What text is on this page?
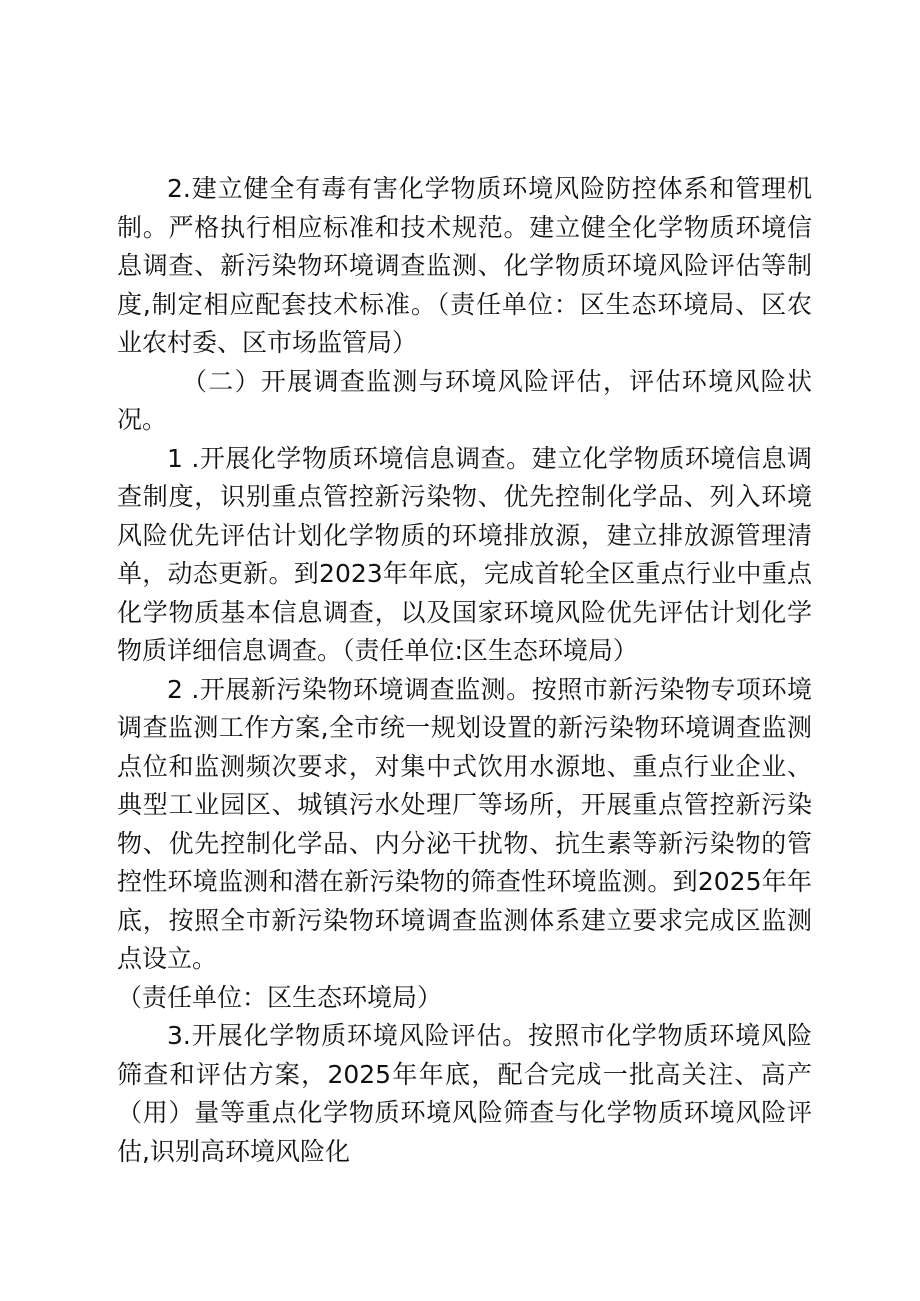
2.建立健全有毒有害化学物质环境风险防控体系和管理机制。严格执行相应标准和技术规范。建立健全化学物质环境信息调查、新污染物环境调查监测、化学物质环境风险评估等制度,制定相应配套技术标准。（责任单位：区生态环境局、区农业农村委、区市场监管局）

（二）开展调查监测与环境风险评估，评估环境风险状况。

1 .开展化学物质环境信息调查。建立化学物质环境信息调查制度，识别重点管控新污染物、优先控制化学品、列入环境风险优先评估计划化学物质的环境排放源，建立排放源管理清单，动态更新。到2023年年底，完成首轮全区重点行业中重点化学物质基本信息调查，以及国家环境风险优先评估计划化学物质详细信息调查。（责任单位:区生态环境局）

2 .开展新污染物环境调查监测。按照市新污染物专项环境调查监测工作方案,全市统一规划设置的新污染物环境调查监测点位和监测频次要求，对集中式饮用水源地、重点行业企业、典型工业园区、城镇污水处理厂等场所，开展重点管控新污染物、优先控制化学品、内分泌干扰物、抗生素等新污染物的管控性环境监测和潜在新污染物的筛查性环境监测。到2025年年底，按照全市新污染物环境调查监测体系建立要求完成区监测点设立。

（责任单位：区生态环境局）

3.开展化学物质环境风险评估。按照市化学物质环境风险筛查和评估方案，2025年年底，配合完成一批高关注、高产（用）量等重点化学物质环境风险筛查与化学物质环境风险评估,识别高环境风险化
